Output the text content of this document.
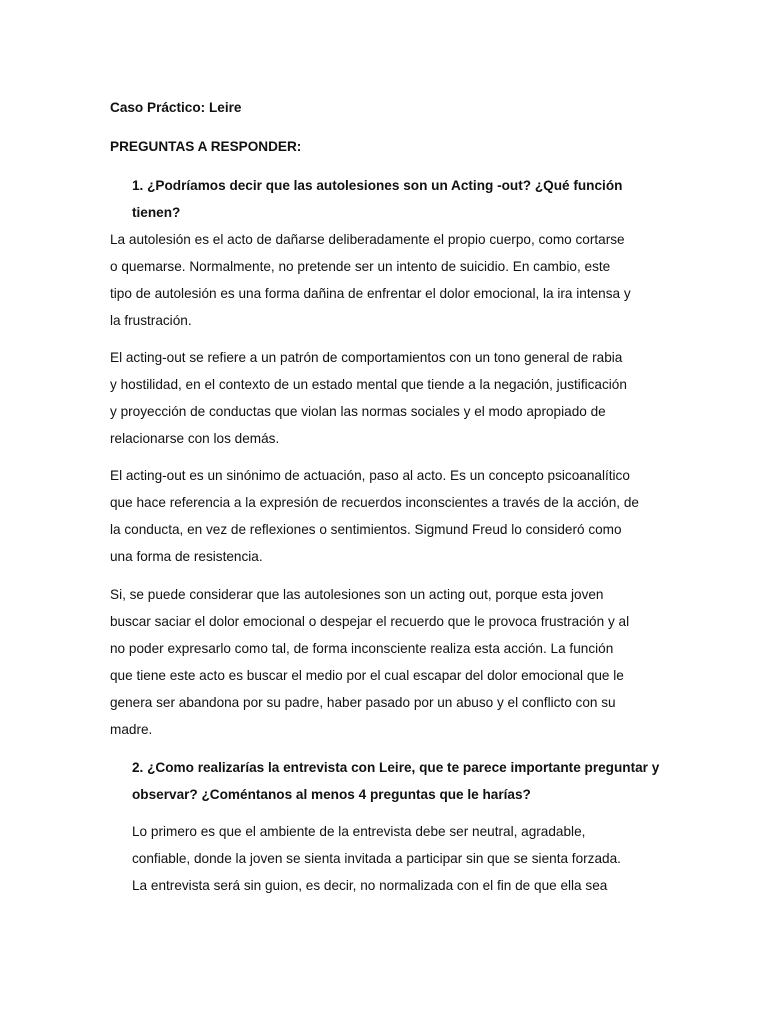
Caso Práctico: Leire
PREGUNTAS A RESPONDER:
1. ¿Podríamos decir que las autolesiones son un Acting -out? ¿Qué función
tienen?
La autolesión es el acto de dañarse deliberadamente el propio cuerpo, como cortarse
o quemarse. Normalmente, no pretende ser un intento de suicidio. En cambio, este
tipo de autolesión es una forma dañina de enfrentar el dolor emocional, la ira intensa y
la frustración.
El acting-out se refiere a un patrón de comportamientos con un tono general de rabia
y hostilidad, en el contexto de un estado mental que tiende a la negación, justificación
y proyección de conductas que violan las normas sociales y el modo apropiado de
relacionarse con los demás.
El acting-out es un sinónimo de actuación, paso al acto. Es un concepto psicoanalítico
que hace referencia a la expresión de recuerdos inconscientes a través de la acción, de
la conducta, en vez de reflexiones o sentimientos. Sigmund Freud lo consideró como
una forma de resistencia.
Si, se puede considerar que las autolesiones son un acting out, porque esta joven
buscar saciar el dolor emocional o despejar el recuerdo que le provoca frustración y al
no poder expresarlo como tal, de forma inconsciente realiza esta acción. La función
que tiene este acto es buscar el medio por el cual escapar del dolor emocional que le
genera ser abandona por su padre, haber pasado por un abuso y el conflicto con su
madre.
2. ¿Como realizarías la entrevista con Leire, que te parece importante preguntar y
observar? ¿Coméntanos al menos 4 preguntas que le harías?
Lo primero es que el ambiente de la entrevista debe ser neutral, agradable,
confiable, donde la joven se sienta invitada a participar sin que se sienta forzada.
La entrevista será sin guion, es decir, no normalizada con el fin de que ella sea
